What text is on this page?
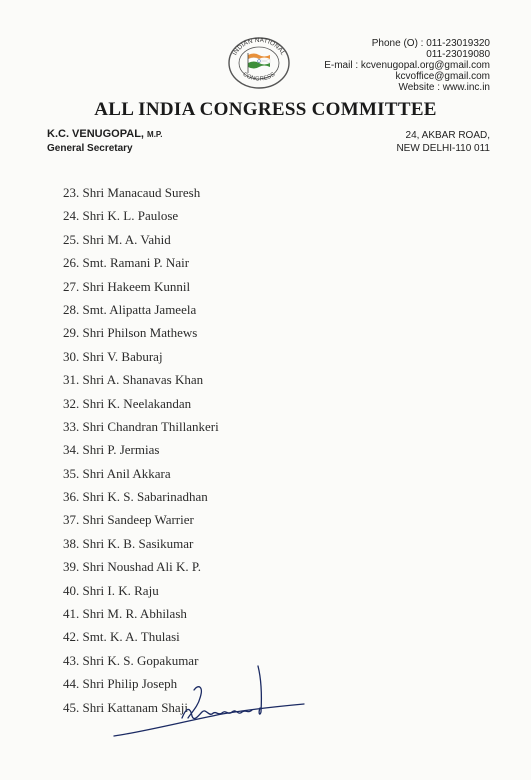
INDIAN NATIONAL
CONGRESS
Phone (O) : 011-23019320
011-23019080
E-mail : kcvenugopal.org@gmail.com
kcvoffice@gmail.com
Website : www.inc.in
ALL INDIA CONGRESS COMMITTEE
K.C. VENUGOPAL, M.P.
General Secretary
24, AKBAR ROAD,
NEW DELHI-110 011
23. Shri Manacaud Suresh
24. Shri K. L. Paulose
25. Shri M. A. Vahid
26. Smt. Ramani P. Nair
27. Shri Hakeem Kunnil
28. Smt. Alipatta Jameela
29. Shri Philson Mathews
30. Shri V. Baburaj
31. Shri A. Shanavas Khan
32. Shri K. Neelakandan
33. Shri Chandran Thillankeri
34. Shri P. Jermias
35. Shri Anil Akkara
36. Shri K. S. Sabarinadhan
37. Shri Sandeep Warrier
38. Shri K. B. Sasikumar
39. Shri Noushad Ali K. P.
40. Shri I. K. Raju
41. Shri M. R. Abhilash
42. Smt. K. A. Thulasi
43. Shri K. S. Gopakumar
44. Shri Philip Joseph
45. Shri Kattanam Shaji
